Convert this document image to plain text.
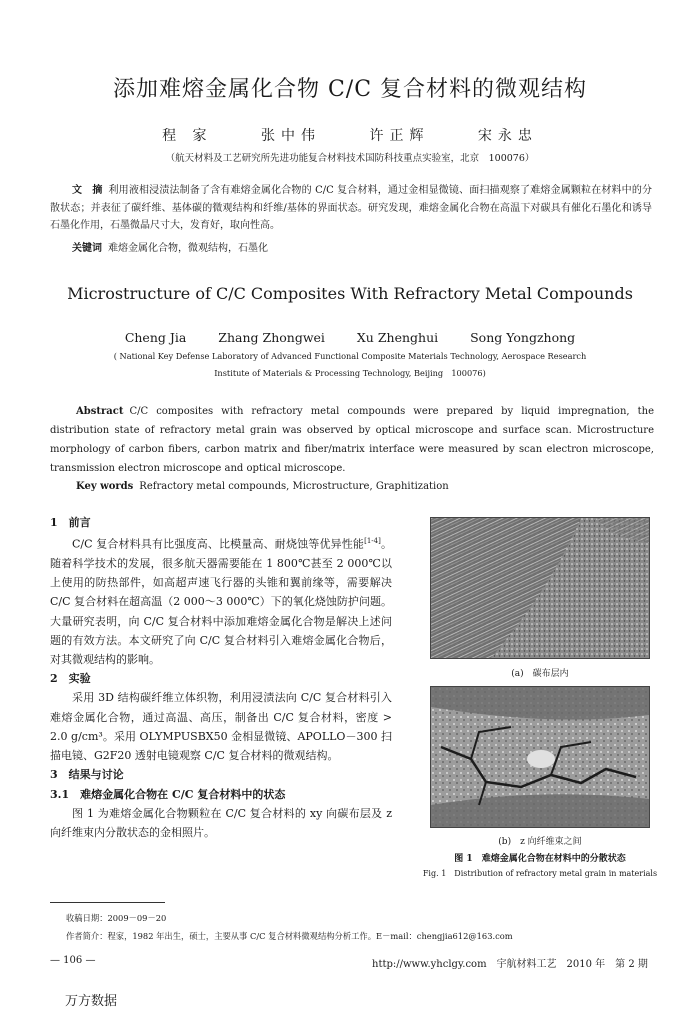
添加难熔金属化合物 C/C 复合材料的微观结构
程 家	张中伟	许正辉	宋永忠
（航天材料及工艺研究所先进功能复合材料技术国防科技重点实验室，北京　100076）
文　摘 利用液相浸渍法制备了含有难熔金属化合物的 C/C 复合材料，通过金相显微镜、面扫描观察了难熔金属颗粒在材料中的分散状态；并表征了碳纤维、基体碳的微观结构和纤维/基体的界面状态。研究发现，难熔金属化合物在高温下对碳具有催化石墨化和诱导石墨化作用，石墨微晶尺寸大，发育好，取向性高。
关键词 难熔金属化合物，微观结构，石墨化
Microstructure of C/C Composites With Refractory Metal Compounds
Cheng Jia	Zhang Zhongwei	Xu Zhenghui	Song Yongzhong
( National Key Defense Laboratory of Advanced Functional Composite Materials Technology, Aerospace Research
Institute of Materials & Processing Technology, Beijing　100076)
Abstract C/C composites with refractory metal compounds were prepared by liquid impregnation, the distribution state of refractory metal grain was observed by optical microscope and surface scan. Microstructure morphology of carbon fibers, carbon matrix and fiber/matrix interface were measured by scan electron microscope, transmission electron microscope and optical microscope.
Key words Refractory metal compounds, Microstructure, Graphitization
1　前言

C/C 复合材料具有比强度高、比模量高、耐烧蚀等优异性能[1-4]。随着科学技术的发展，很多航天器需要能在 1 800℃甚至 2 000℃以上使用的防热部件，如高超声速飞行器的头锥和翼前缘等，需要解决 C/C 复合材料在超高温（2 000～3 000℃）下的氧化烧蚀防护问题。大量研究表明，向 C/C 复合材料中添加难熔金属化合物是解决上述问题的有效方法。本文研究了向 C/C 复合材料引入难熔金属化合物后，对其微观结构的影响。

2　实验

采用 3D 结构碳纤维立体织物，利用浸渍法向 C/C 复合材料引入难熔金属化合物，通过高温、高压，制备出 C/C 复合材料，密度 > 2.0 g/cm³。采用 OLYMPUSBX50 金相显微镜、APOLLO－300 扫描电镜、G2F20 透射电镜观察 C/C 复合材料的微观结构。

3　结果与讨论
3.1　难熔金属化合物在 C/C 复合材料中的状态

图 1 为难熔金属化合物颗粒在 C/C 复合材料的 xy 向碳布层及 z 向纤维束内分散状态的金相照片。

(a)　碳布层内
(b)　z 向纤维束之间
图 1　难熔金属化合物在材料中的分散状态
Fig. 1　Distribution of refractory metal grain in materials
收稿日期：2009－09－20
作者简介：程家，1982 年出生，硕士，主要从事 C/C 复合材料微观结构分析工作。E－mail：chengjia612@163.com
— 106 —	http://www.yhclgy.com　宇航材料工艺　2010 年　第 2 期
万方数据
